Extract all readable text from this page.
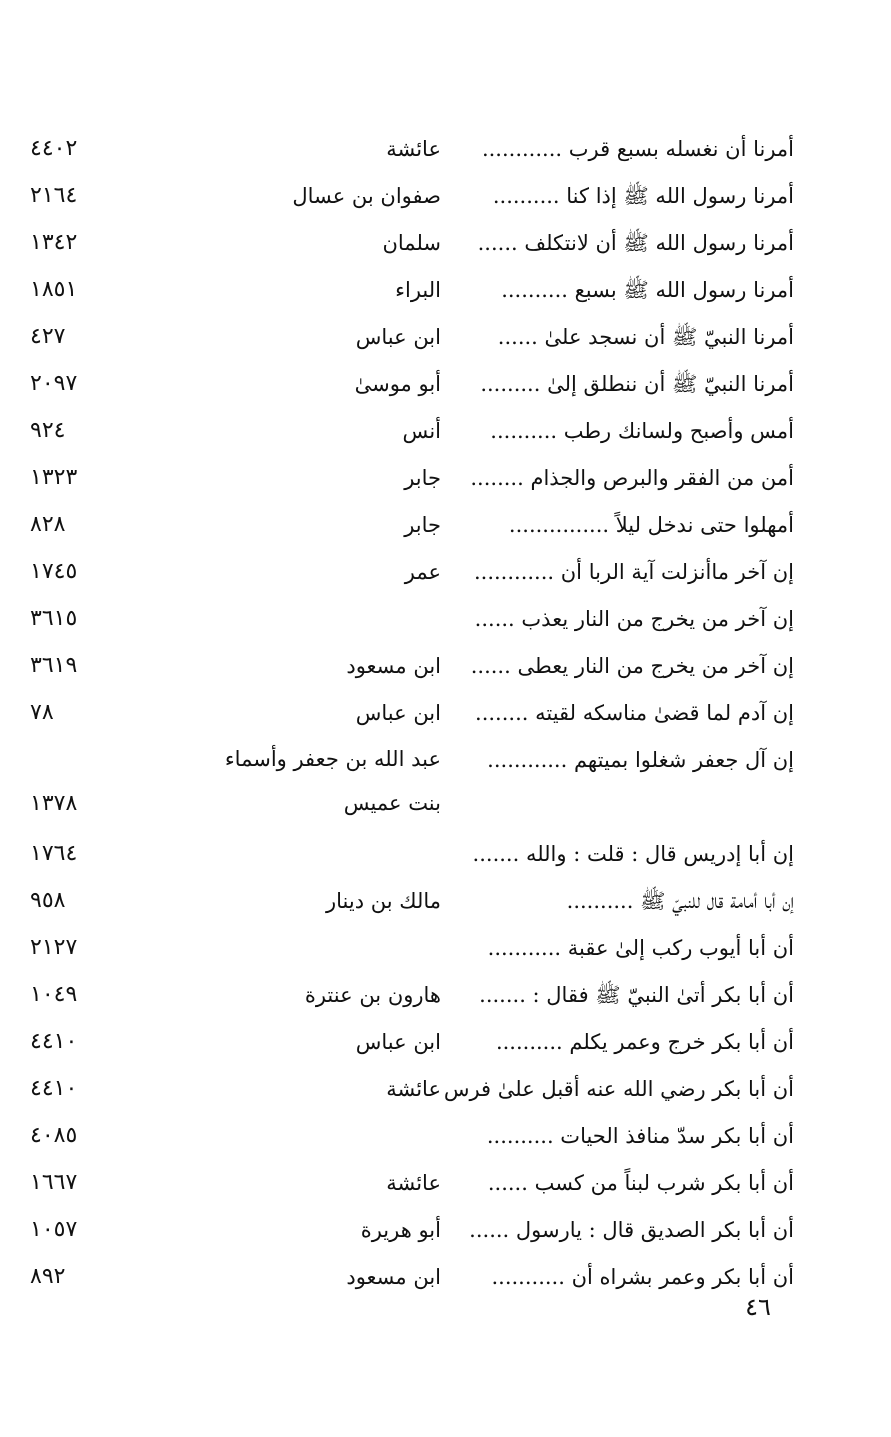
أمرنا أن نغسله بسبع قرب ............
عائشة
٤٤٠٢
أمرنا رسول الله ﷺ إذا كنا ..........
صفوان بن عسال
٢١٦٤
أمرنا رسول الله ﷺ أن لانتكلف ......
سلمان
١٣٤٢
أمرنا رسول الله ﷺ بسبع ..........
البراء
١٨٥١
أمرنا النبيّ ﷺ أن نسجد علىٰ ......
ابن عباس
٤٢٧
أمرنا النبيّ ﷺ أن ننطلق إلىٰ .........
أبو موسىٰ
٢٠٩٧
أمس وأصبح ولسانك رطب ..........
أنس
٩٢٤
أمن من الفقر والبرص والجذام ........
جابر
١٣٢٣
أمهلوا حتى ندخل ليلاً ...............
جابر
٨٢٨
إن آخر ماأنزلت آية الربا أن ............
عمر
١٧٤٥
إن آخر من يخرج من النار يعذب ......
٣٦١٥
إن آخر من يخرج من النار يعطى ......
ابن مسعود
٣٦١٩
إن آدم لما قضىٰ مناسكه لقيته ........
ابن عباس
٧٨
إن آل جعفر شغلوا بميتهم ............
عبد الله بن جعفر وأسماء
بنت عميس
١٣٧٨
إن أبا إدريس قال : قلت : والله .......
١٧٦٤
إن أبا أمامة قال للنبيّ ﷺ ..........
مالك بن دينار
٩٥٨
أن أبا أيوب ركب إلىٰ عقبة ...........
٢١٢٧
أن أبا بكر أتىٰ النبيّ ﷺ فقال : .......
هارون بن عنترة
١٠٤٩
أن أبا بكر خرج وعمر يكلم ..........
ابن عباس
٤٤١٠
أن أبا بكر رضي الله عنه أقبل علىٰ فرس
عائشة
٤٤١٠
أن أبا بكر سدّ منافذ الحيات ..........
٤٠٨٥
أن أبا بكر شرب لبناً من كسب ......
عائشة
١٦٦٧
أن أبا بكر الصديق قال : يارسول ......
أبو هريرة
١٠٥٧
أن أبا بكر وعمر بشراه أن ...........
ابن مسعود
٨٩٢
٤٦
